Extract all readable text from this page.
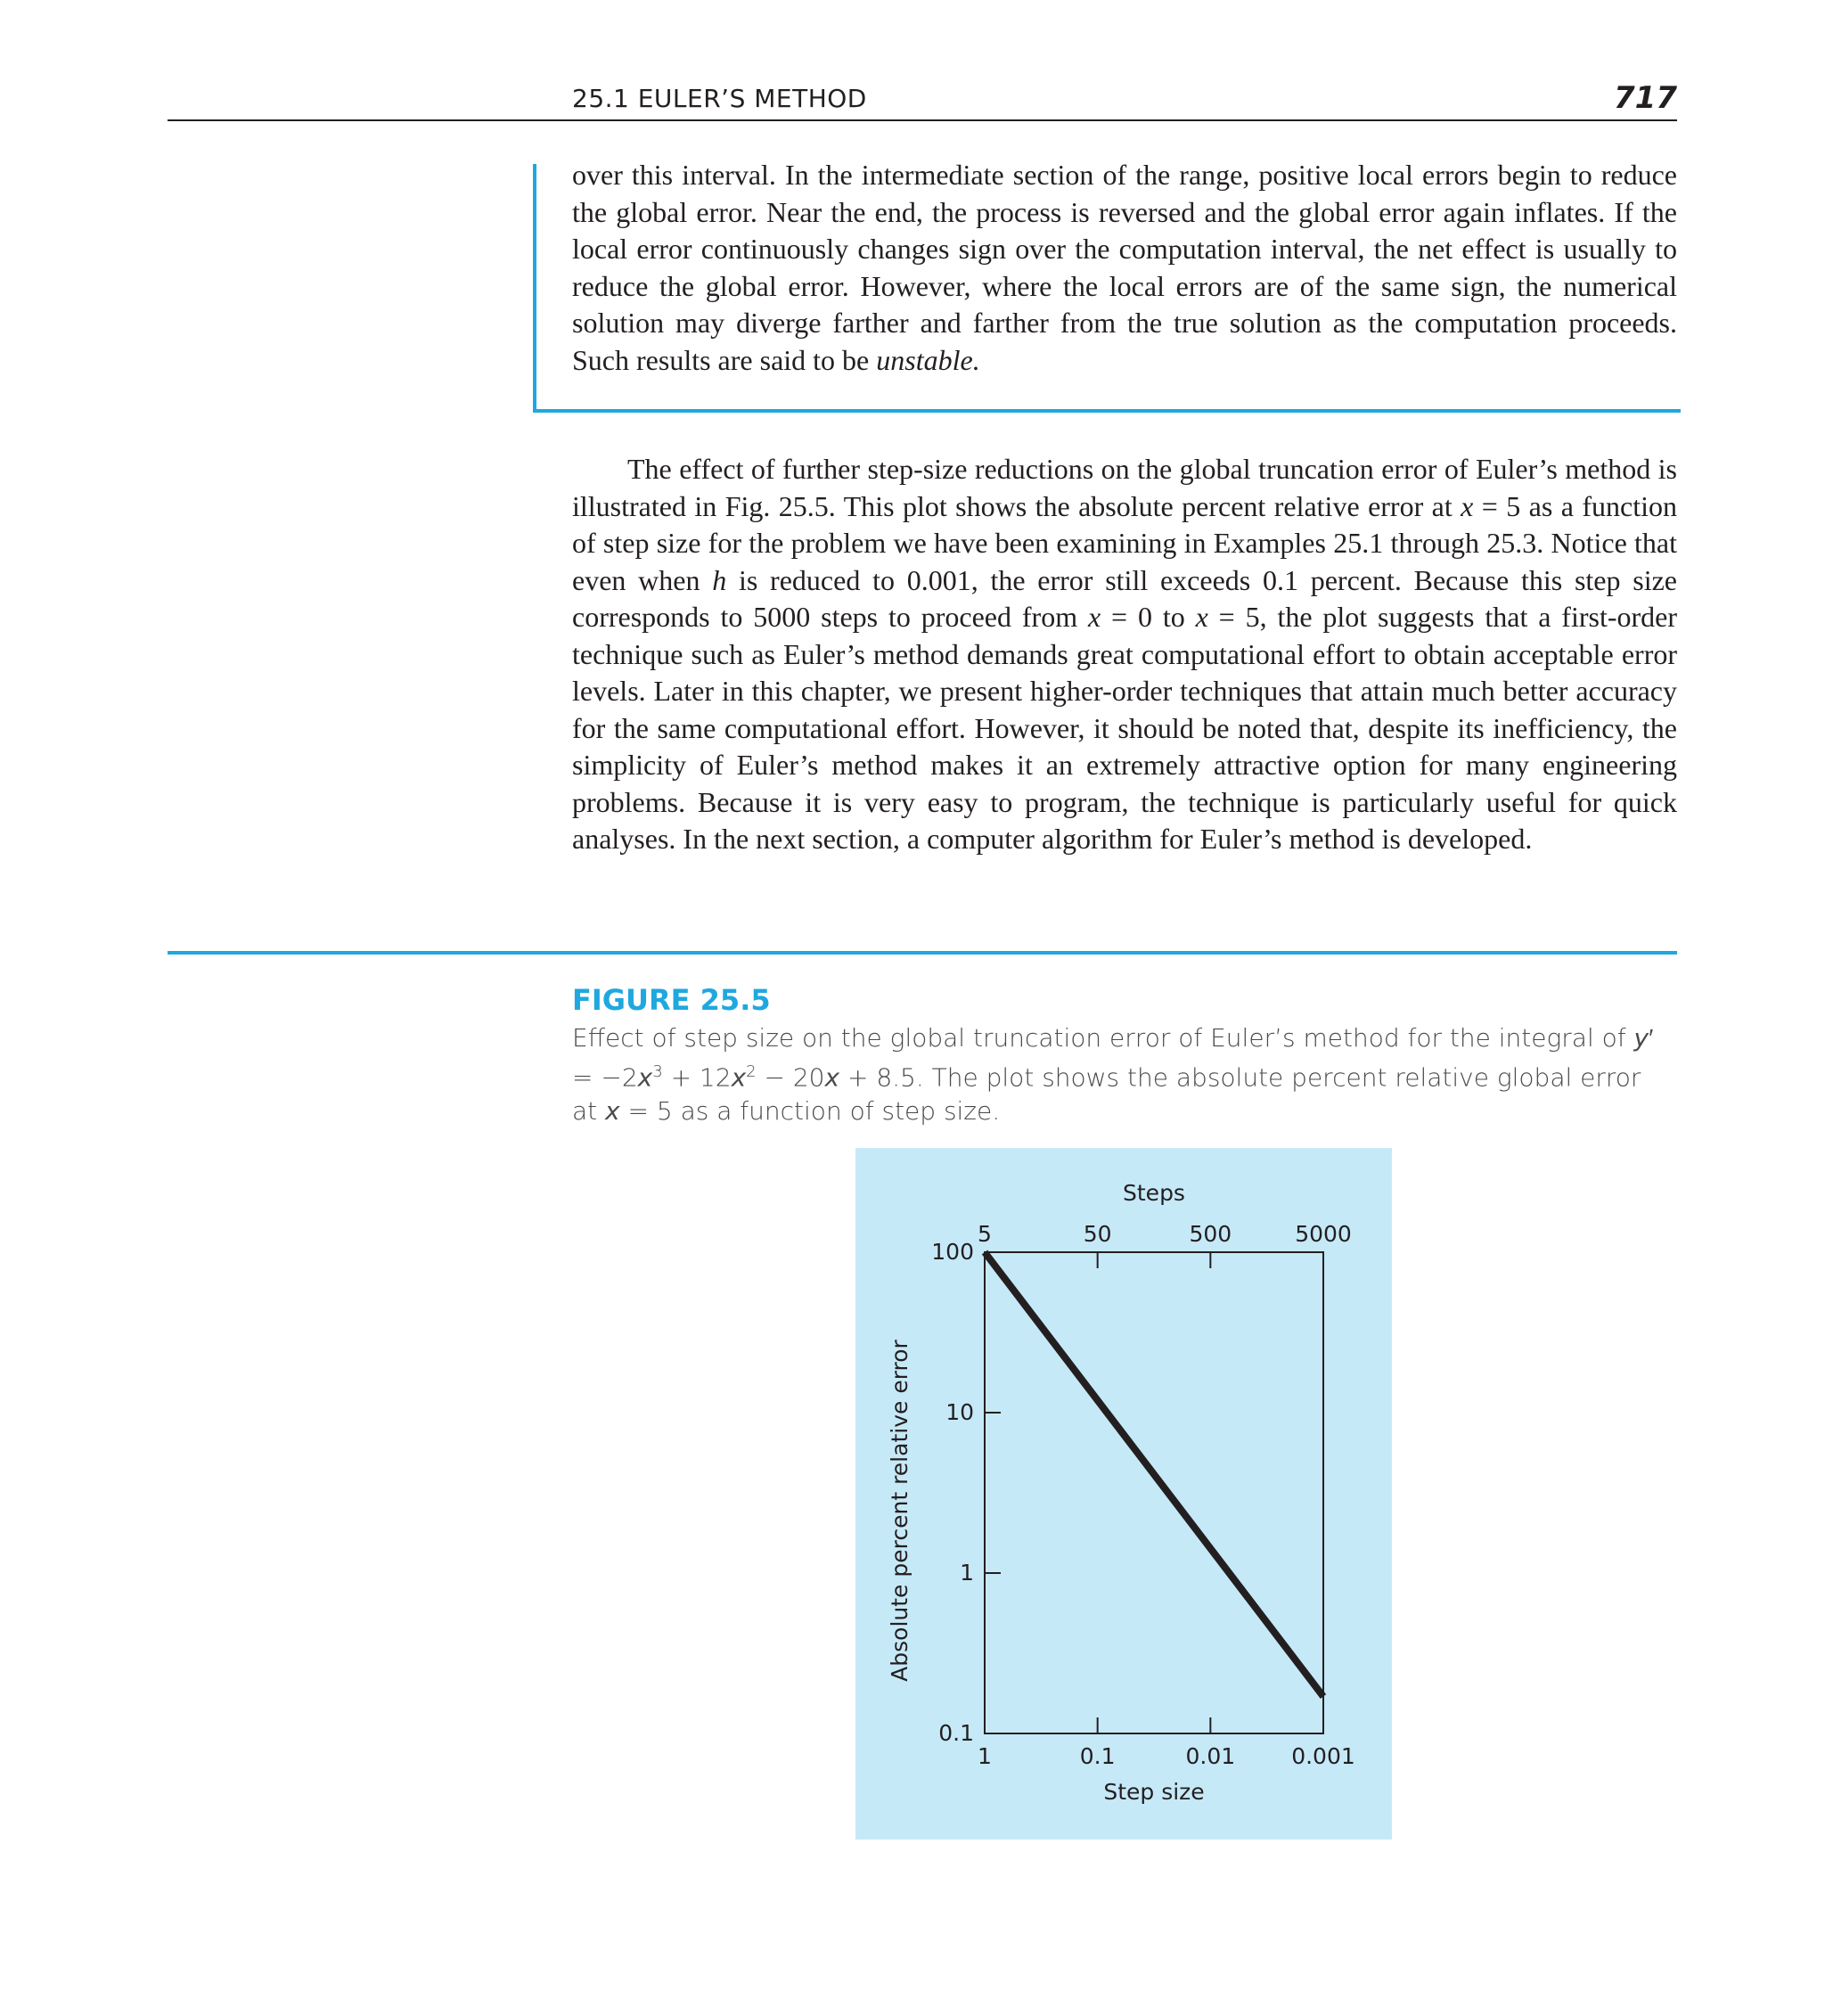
25.1 EULER’S METHOD	717

over this interval. In the intermediate section of the range, positive local errors begin to reduce the global error. Near the end, the process is reversed and the global error again inflates. If the local error continuously changes sign over the computation interval, the net effect is usually to reduce the global error. However, where the local errors are of the same sign, the numerical solution may diverge farther and farther from the true solution as the computation proceeds. Such results are said to be unstable.

The effect of further step-size reductions on the global truncation error of Euler’s method is illustrated in Fig. 25.5. This plot shows the absolute percent relative error at x = 5 as a function of step size for the problem we have been examining in Examples 25.1 through 25.3. Notice that even when h is reduced to 0.001, the error still exceeds 0.1 percent. Because this step size corresponds to 5000 steps to proceed from x = 0 to x = 5, the plot suggests that a first-order technique such as Euler’s method demands great computational effort to obtain acceptable error levels. Later in this chapter, we present higher-order techniques that attain much better accuracy for the same computational effort. However, it should be noted that, despite its inefficiency, the simplicity of Euler’s method makes it an extremely attractive option for many engineering problems. Because it is very easy to program, the technique is particularly useful for quick analyses. In the next section, a computer algorithm for Euler’s method is developed.

FIGURE 25.5

Effect of step size on the global truncation error of Euler’s method for the integral of $y' = -2x^3 + 12x^2 - 20x + 8.5$. The plot shows the absolute percent relative global error at x = 5 as a function of step size.

0.1
1
10
100
1	0.1	0.01	0.001
5	50	500	5000
Steps
Step size
Absolute percent relative error
